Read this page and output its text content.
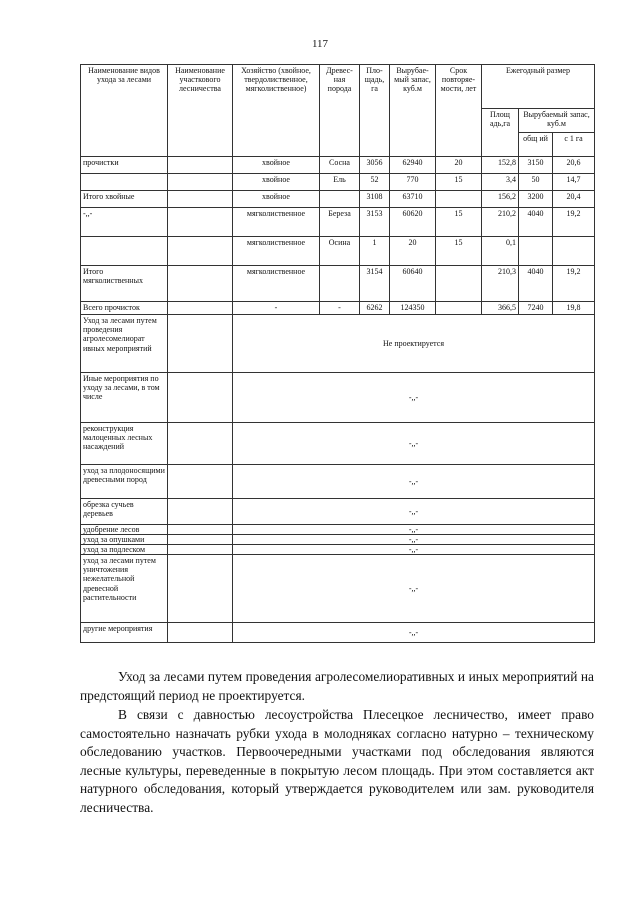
117
Наименование видов ухода за лесами	Наименование участкового лесничества	Хозяйство (хвойное, твердолиственное, мягколиственное)	Древес-ная порода	Пло-щадь, га	Вырубае-мый запас, куб.м	Срок повторяе-мости, лет	Ежегодный размер		
							Площ адь,га	Вырубаемый запас, куб.м	
								общ ий	с 1 га
прочистки		хвойное	Сосна	3056	62940	20	152,8	3150	20,6
		хвойное	Ель	52	770	15	3,4	50	14,7
Итого хвойные		хвойное		3108	63710		156,2	3200	20,4
-,,-		мягколиственное	Береза	3153	60620	15	210,2	4040	19,2
		мягколиственное	Осина	1	20	15	0,1		
Итого мягколиственных		мягколиственное		3154	60640		210,3	4040	19,2
Всего прочисток		-	-	6262	124350		366,5	7240	19,8
Уход за лесами путем проведения агролесомелиорат ивных мероприятий		Не проектируется							
Иные мероприятия по уходу за лесами, в том числе		-,,-							
реконструкция малоценных лесных насаждений		-,,-							
уход за плодоносящими древесными пород		-,,-							
обрезка сучьев деревьев		-,,-							
удобрение лесов		-,,-							
уход за опушками		-,,-							
уход за подлеском		-,,-							
уход за лесами путем уничтожения нежелательной древесной растительности		-,,-							
другие мероприятия		-,,-							
Уход за лесами путем проведения агролесомелиоративных и иных мероприятий на предстоящий период не проектируется.
В связи с давностью лесоустройства Плесецкое лесничество, имеет право самостоятельно назначать рубки ухода в молодняках согласно натурно – техническому обследованию участков. Первоочередными участками под обследования являются лесные культуры, переведенные в покрытую лесом площадь. При этом составляется акт натурного обследования, который утверждается руководителем или зам. руководителя лесничества.
